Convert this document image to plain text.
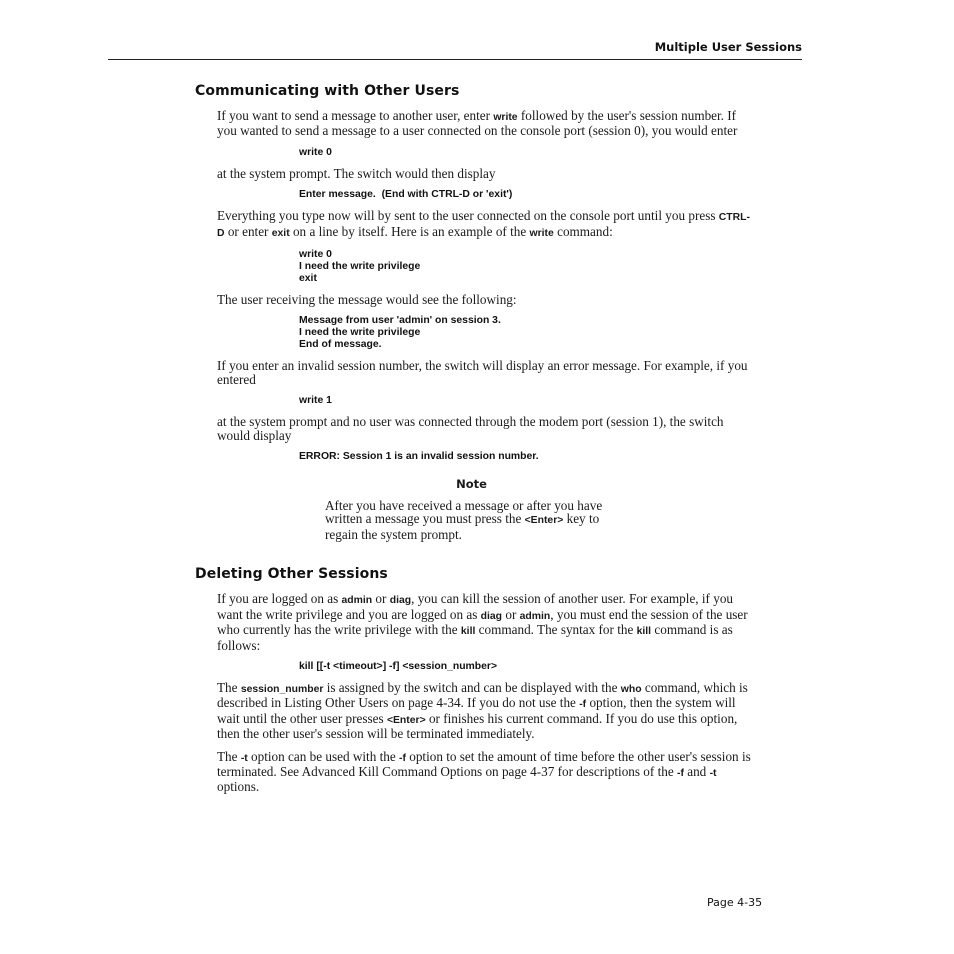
Multiple User Sessions
Communicating with Other Users

If you want to send a message to another user, enter write followed by the user's session number. If you wanted to send a message to a user connected on the console port (session 0), you would enter

write 0

at the system prompt. The switch would then display

Enter message.  (End with CTRL-D or 'exit')

Everything you type now will by sent to the user connected on the console port until you press CTRL-D or enter exit on a line by itself. Here is an example of the write command:

write 0
I need the write privilege
exit

The user receiving the message would see the following:

Message from user 'admin' on session 3.
I need the write privilege
End of message.

If you enter an invalid session number, the switch will display an error message. For example, if you entered

write 1

at the system prompt and no user was connected through the modem port (session 1), the switch would display

ERROR: Session 1 is an invalid session number.
Note
After you have received a message or after you have written a message you must press the <Enter> key to regain the system prompt.
Deleting Other Sessions

If you are logged on as admin or diag, you can kill the session of another user. For example, if you want the write privilege and you are logged on as diag or admin, you must end the session of the user who currently has the write privilege with the kill command. The syntax for the kill command is as follows:

kill [[-t <timeout>] -f] <session_number>

The session_number is assigned by the switch and can be displayed with the who command, which is described in Listing Other Users on page 4-34. If you do not use the -f option, then the system will wait until the other user presses <Enter> or finishes his current command. If you do use this option, then the other user's session will be terminated immediately.

The -t option can be used with the -f option to set the amount of time before the other user's session is terminated. See Advanced Kill Command Options on page 4-37 for descriptions of the -f and -t options.

Page 4-35
